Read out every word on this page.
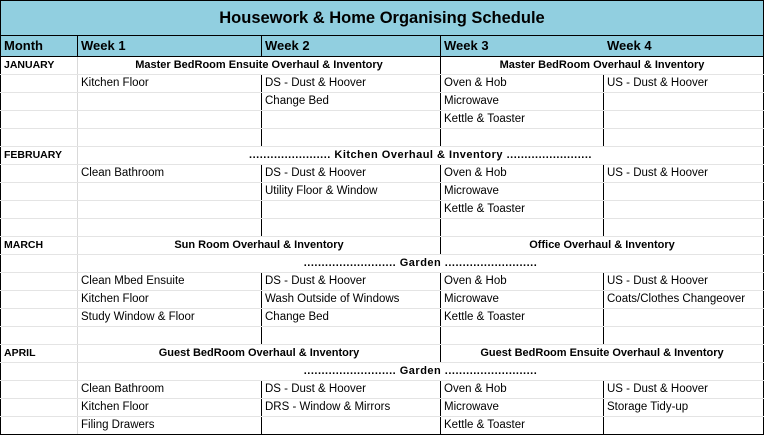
Housework & Home Organising Schedule				
Month	Week 1	Week 2	Week 3	Week 4
JANUARY	Master BedRoom Ensuite Overhaul & Inventory		Master BedRoom Overhaul & Inventory	
	Kitchen Floor	DS - Dust & Hoover	Oven & Hob	US - Dust & Hoover
		Change Bed	Microwave	
			Kettle & Toaster	

FEBRUARY	....................... Kitchen Overhaul & Inventory ........................			
	Clean Bathroom	DS - Dust & Hoover	Oven & Hob	US - Dust & Hoover
		Utility Floor & Window	Microwave	
			Kettle & Toaster	

MARCH	Sun Room Overhaul & Inventory		Office Overhaul & Inventory	
	.......................... Garden ..........................			
	Clean Mbed Ensuite	DS - Dust & Hoover	Oven & Hob	US - Dust & Hoover
	Kitchen Floor	Wash Outside of Windows	Microwave	Coats/Clothes Changeover
	Study Window & Floor	Change Bed	Kettle & Toaster	

APRIL	Guest BedRoom Overhaul & Inventory		Guest BedRoom Ensuite Overhaul & Inventory	
	.......................... Garden ..........................			
	Clean Bathroom	DS - Dust & Hoover	Oven & Hob	US - Dust & Hoover
	Kitchen Floor	DRS - Window & Mirrors	Microwave	Storage Tidy-up
	Filing Drawers		Kettle & Toaster	
